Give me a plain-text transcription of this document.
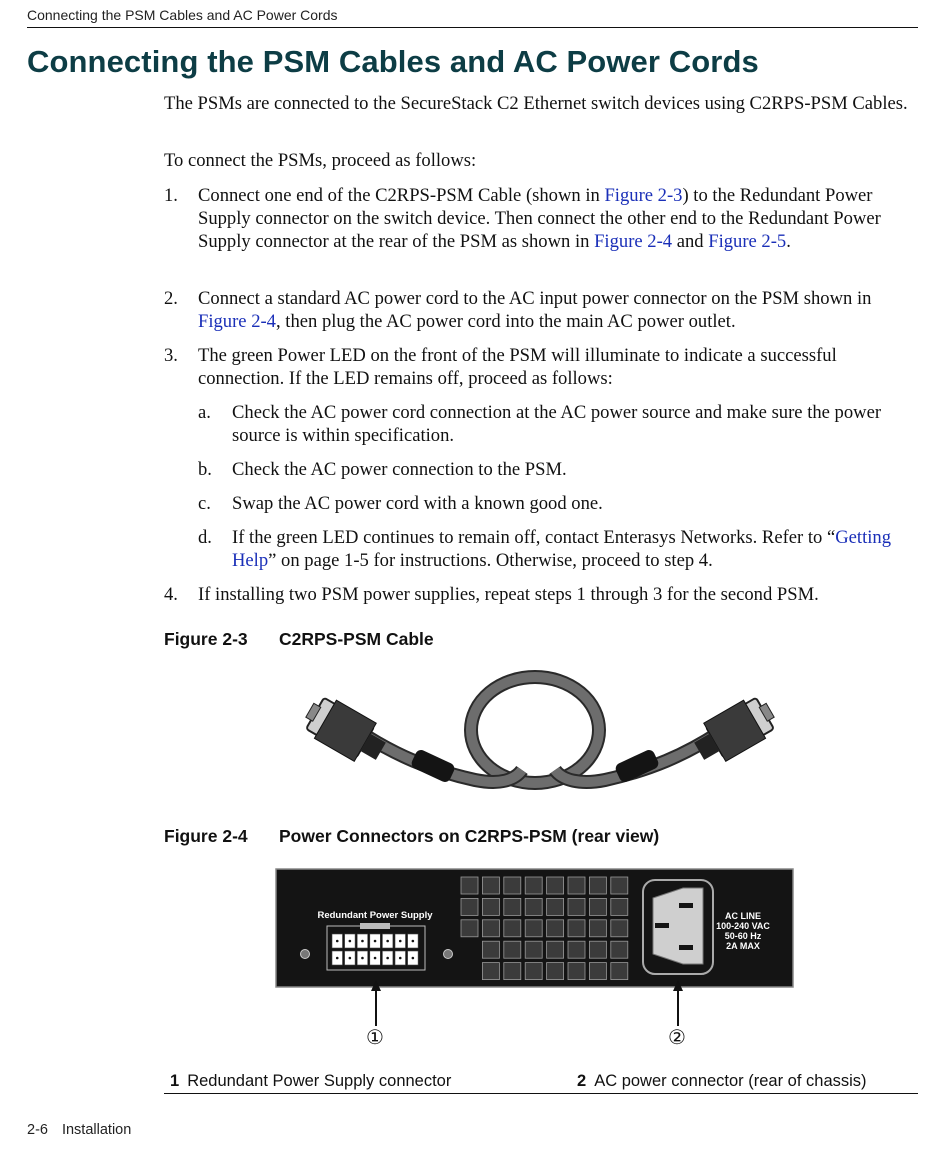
Connecting the PSM Cables and AC Power Cords
Connecting the PSM Cables and AC Power Cords

The PSMs are connected to the SecureStack C2 Ethernet switch devices using C2RPS-PSM Cables.

To connect the PSMs, proceed as follows:

1. Connect one end of the C2RPS-PSM Cable (shown in Figure 2-3) to the Redundant Power Supply connector on the switch device. Then connect the other end to the Redundant Power Supply connector at the rear of the PSM as shown in Figure 2-4 and Figure 2-5.

2. Connect a standard AC power cord to the AC input power connector on the PSM shown in Figure 2-4, then plug the AC power cord into the main AC power outlet.

3. The green Power LED on the front of the PSM will illuminate to indicate a successful connection. If the LED remains off, proceed as follows:

a. Check the AC power cord connection at the AC power source and make sure the power source is within specification.

b. Check the AC power connection to the PSM.

c. Swap the AC power cord with a known good one.

d. If the green LED continues to remain off, contact Enterasys Networks. Refer to “Getting Help” on page 1-5 for instructions. Otherwise, proceed to step 4.

4. If installing two PSM power supplies, repeat steps 1 through 3 for the second PSM.

Figure 2-3 C2RPS-PSM Cable
Figure 2-4 Power Connectors on C2RPS-PSM (rear view)
Redundant Power Supply	AC LINE
100-240 VAC
50-60 Hz
2A MAX
①	②
1 Redundant Power Supply connector	2 AC power connector (rear of chassis)
2-6 Installation
